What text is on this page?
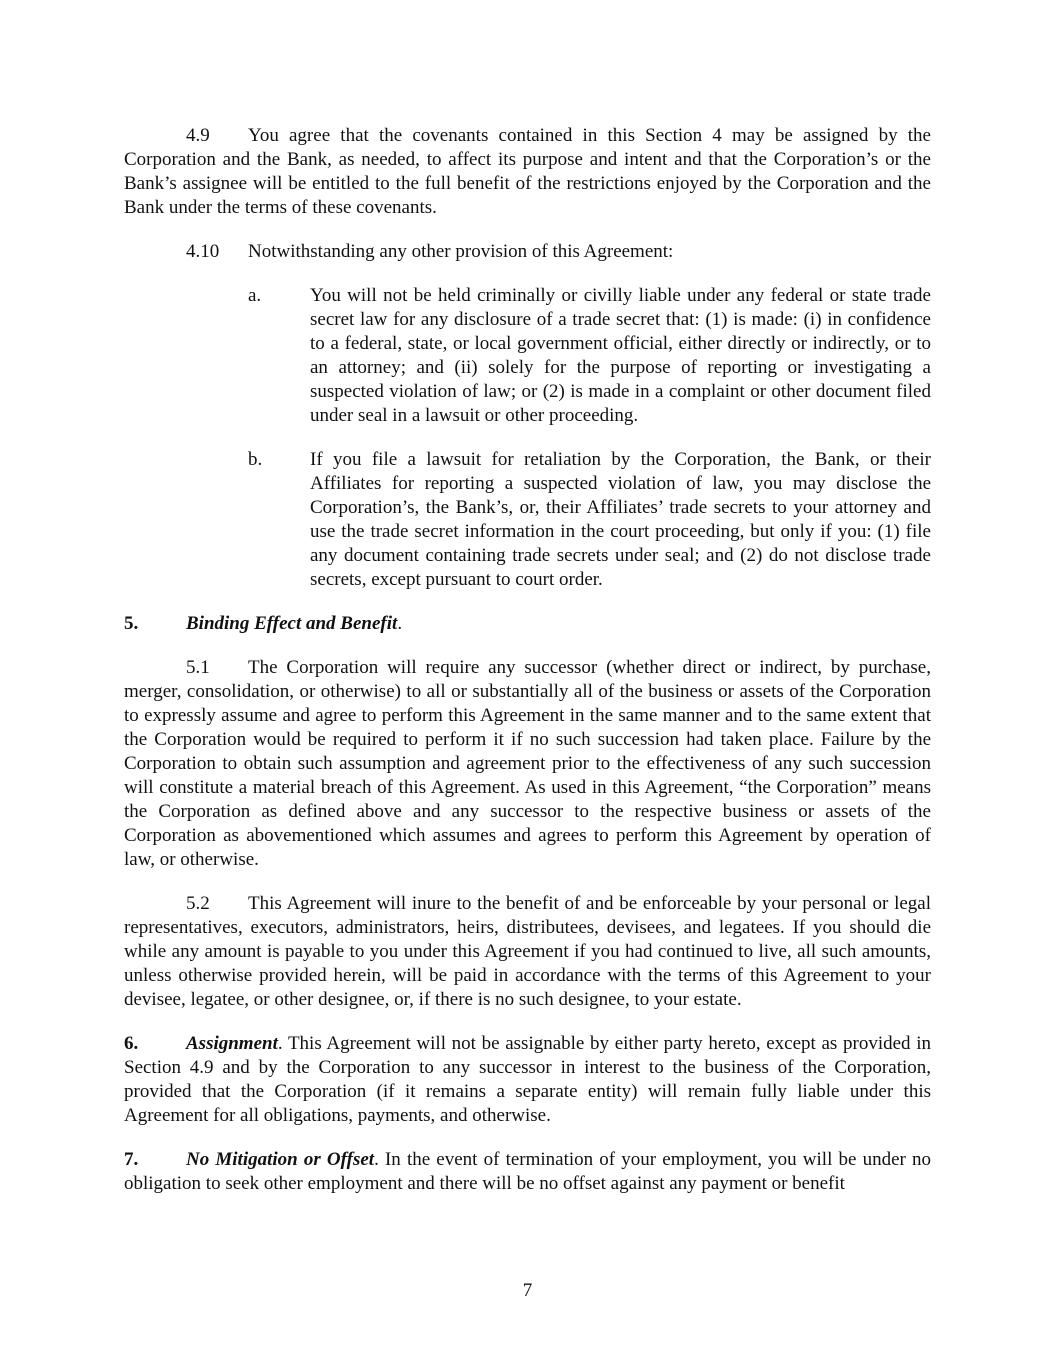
4.9 You agree that the covenants contained in this Section 4 may be assigned by the Corporation and the Bank, as needed, to affect its purpose and intent and that the Corporation’s or the Bank’s assignee will be entitled to the full benefit of the restrictions enjoyed by the Corporation and the Bank under the terms of these covenants.

4.10 Notwithstanding any other provision of this Agreement:

a.	You will not be held criminally or civilly liable under any federal or state trade secret law for any disclosure of a trade secret that: (1) is made: (i) in confidence to a federal, state, or local government official, either directly or indirectly, or to an attorney; and (ii) solely for the purpose of reporting or investigating a suspected violation of law; or (2) is made in a complaint or other document filed under seal in a lawsuit or other proceeding.

b.	If you file a lawsuit for retaliation by the Corporation, the Bank, or their Affiliates for reporting a suspected violation of law, you may disclose the Corporation’s, the Bank’s, or, their Affiliates’ trade secrets to your attorney and use the trade secret information in the court proceeding, but only if you: (1) file any document containing trade secrets under seal; and (2) do not disclose trade secrets, except pursuant to court order.

5.	Binding Effect and Benefit.

5.1 The Corporation will require any successor (whether direct or indirect, by purchase, merger, consolidation, or otherwise) to all or substantially all of the business or assets of the Corporation to expressly assume and agree to perform this Agreement in the same manner and to the same extent that the Corporation would be required to perform it if no such succession had taken place. Failure by the Corporation to obtain such assumption and agreement prior to the effectiveness of any such succession will constitute a material breach of this Agreement. As used in this Agreement, “the Corporation” means the Corporation as defined above and any successor to the respective business or assets of the Corporation as abovementioned which assumes and agrees to perform this Agreement by operation of law, or otherwise.

5.2 This Agreement will inure to the benefit of and be enforceable by your personal or legal representatives, executors, administrators, heirs, distributees, devisees, and legatees. If you should die while any amount is payable to you under this Agreement if you had continued to live, all such amounts, unless otherwise provided herein, will be paid in accordance with the terms of this Agreement to your devisee, legatee, or other designee, or, if there is no such designee, to your estate.

6.	Assignment. This Agreement will not be assignable by either party hereto, except as provided in Section 4.9 and by the Corporation to any successor in interest to the business of the Corporation, provided that the Corporation (if it remains a separate entity) will remain fully liable under this Agreement for all obligations, payments, and otherwise.

7.	No Mitigation or Offset. In the event of termination of your employment, you will be under no obligation to seek other employment and there will be no offset against any payment or benefit

7
